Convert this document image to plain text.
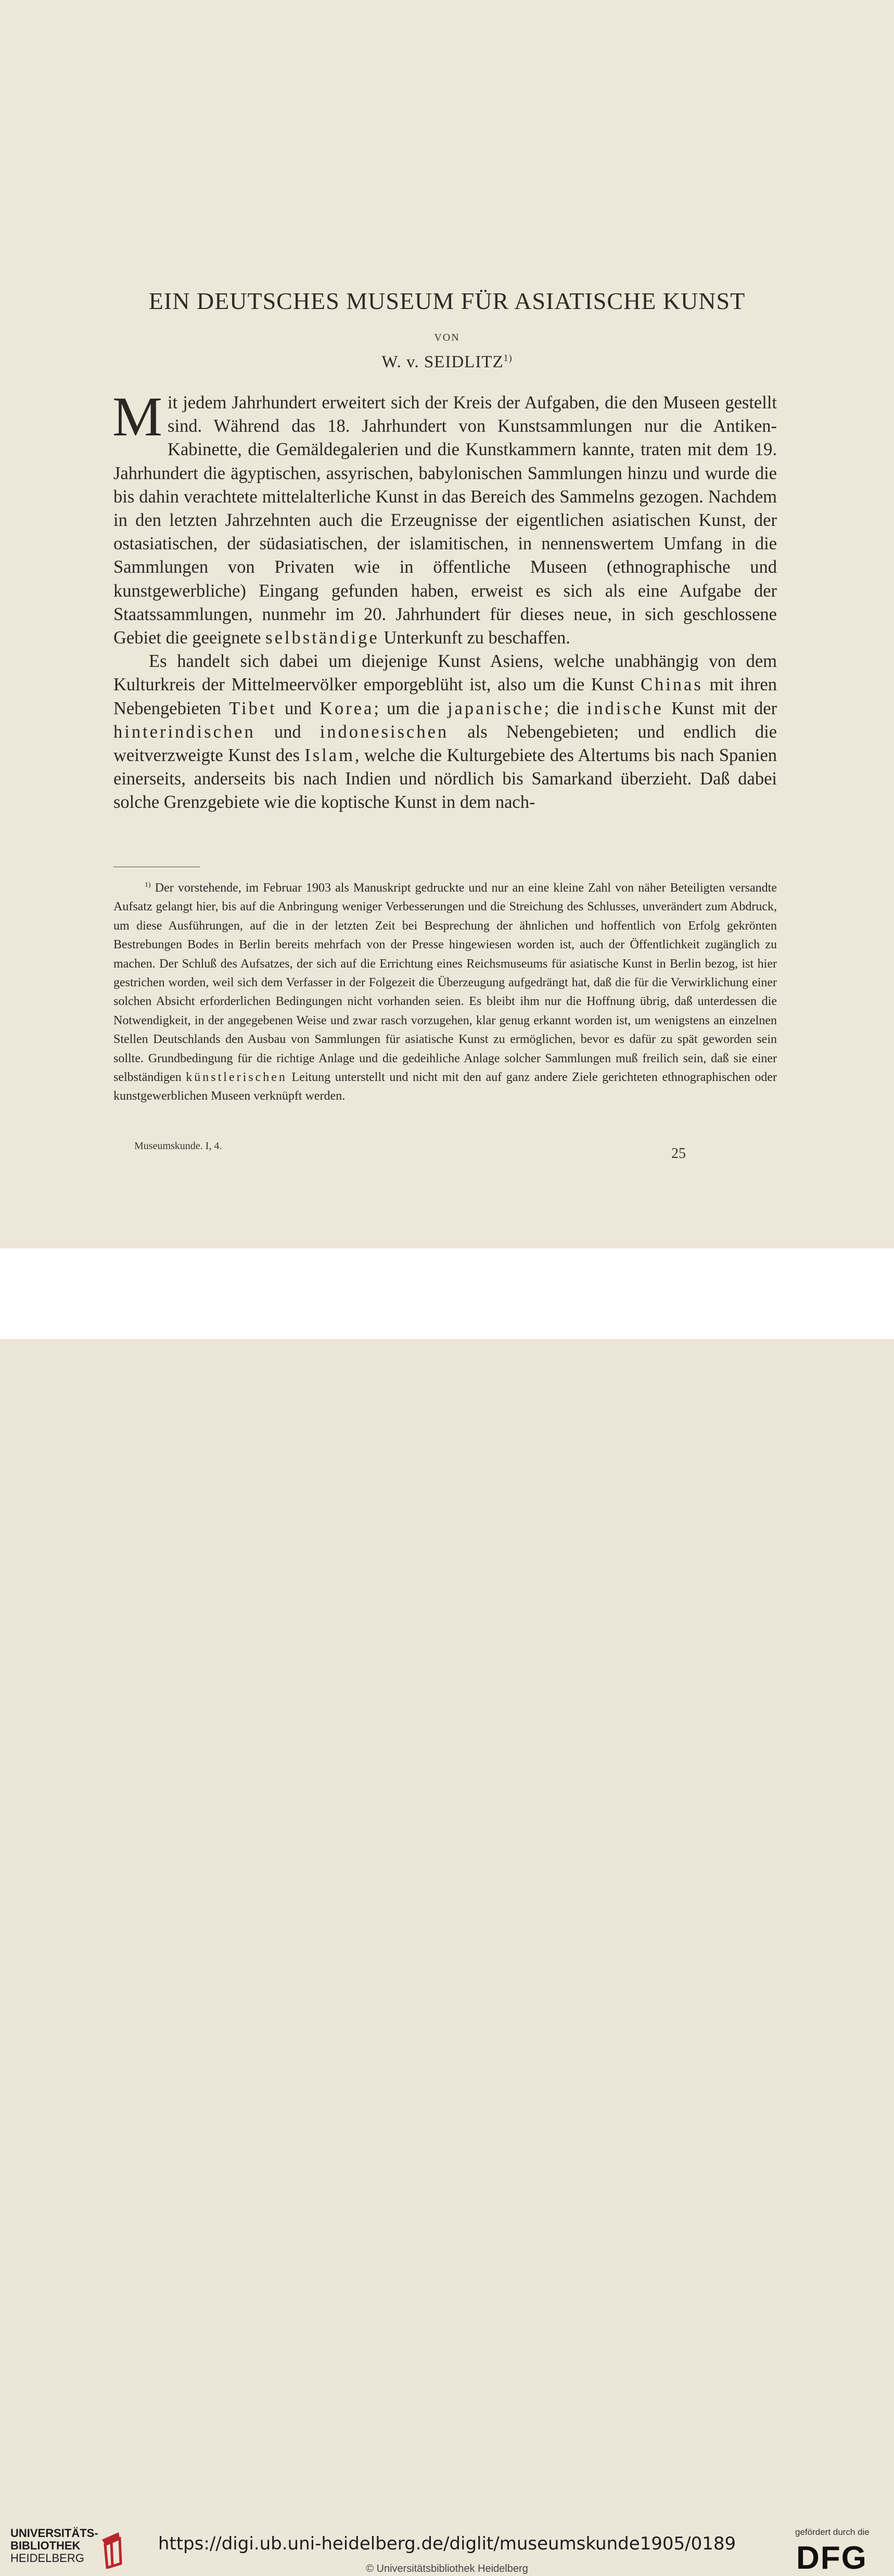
EIN DEUTSCHES MUSEUM FÜR ASIATISCHE KUNST
VON
W. v. SEIDLITZ$^{1)}$

Mit jedem Jahrhundert erweitert sich der Kreis der Aufgaben, die den Museen gestellt sind. Während das 18. Jahrhundert von Kunstsammlungen nur die Antiken-Kabinette, die Gemäldegalerien und die Kunstkammern kannte, traten mit dem 19. Jahrhundert die ägyptischen, assyrischen, babylonischen Sammlungen hinzu und wurde die bis dahin verachtete mittelalterliche Kunst in das Bereich des Sammelns gezogen. Nachdem in den letzten Jahrzehnten auch die Erzeugnisse der eigentlichen asiatischen Kunst, der ostasiatischen, der südasiatischen, der islamitischen, in nennenswertem Umfang in die Sammlungen von Privaten wie in öffentliche Museen (ethnographische und kunstgewerbliche) Eingang gefunden haben, erweist es sich als eine Aufgabe der Staatssammlungen, nunmehr im 20. Jahrhundert für dieses neue, in sich geschlossene Gebiet die geeignete selbständige Unterkunft zu beschaffen.

Es handelt sich dabei um diejenige Kunst Asiens, welche unabhängig von dem Kulturkreis der Mittelmeervölker emporgeblüht ist, also um die Kunst Chinas mit ihren Nebengebieten Tibet und Korea; um die japanische; die indische Kunst mit der hinterindischen und indonesischen als Nebengebieten; und endlich die weitverzweigte Kunst des Islam, welche die Kulturgebiete des Altertums bis nach Spanien einerseits, anderseits bis nach Indien und nördlich bis Samarkand überzieht. Daß dabei solche Grenzgebiete wie die koptische Kunst in dem nach-

$^{1)}$ Der vorstehende, im Februar 1903 als Manuskript gedruckte und nur an eine kleine Zahl von näher Beteiligten versandte Aufsatz gelangt hier, bis auf die Anbringung weniger Verbesserungen und die Streichung des Schlusses, unverändert zum Abdruck, um diese Ausführungen, auf die in der letzten Zeit bei Besprechung der ähnlichen und hoffentlich von Erfolg gekrönten Bestrebungen Bodes in Berlin bereits mehrfach von der Presse hingewiesen worden ist, auch der Öffentlichkeit zugänglich zu machen. Der Schluß des Aufsatzes, der sich auf die Errichtung eines Reichsmuseums für asiatische Kunst in Berlin bezog, ist hier gestrichen worden, weil sich dem Verfasser in der Folgezeit die Überzeugung aufgedrängt hat, daß die für die Verwirklichung einer solchen Absicht erforderlichen Bedingungen nicht vorhanden seien. Es bleibt ihm nur die Hoffnung übrig, daß unterdessen die Notwendigkeit, in der angegebenen Weise und zwar rasch vorzugehen, klar genug erkannt worden ist, um wenigstens an einzelnen Stellen Deutschlands den Ausbau von Sammlungen für asiatische Kunst zu ermöglichen, bevor es dafür zu spät geworden sein sollte. Grundbedingung für die richtige Anlage und die gedeihliche Anlage solcher Sammlungen muß freilich sein, daß sie einer selbständigen künstlerischen Leitung unterstellt und nicht mit den auf ganz andere Ziele gerichteten ethnographischen oder kunstgewerblichen Museen verknüpft werden.

Museumskunde. I, 4.	25
UNIVERSITÄTS-
BIBLIOTHEK
HEIDELBERG
https://digi.ub.uni-heidelberg.de/diglit/museumskunde1905/0189
© Universitätsbibliothek Heidelberg
gefördert durch die
DFG
